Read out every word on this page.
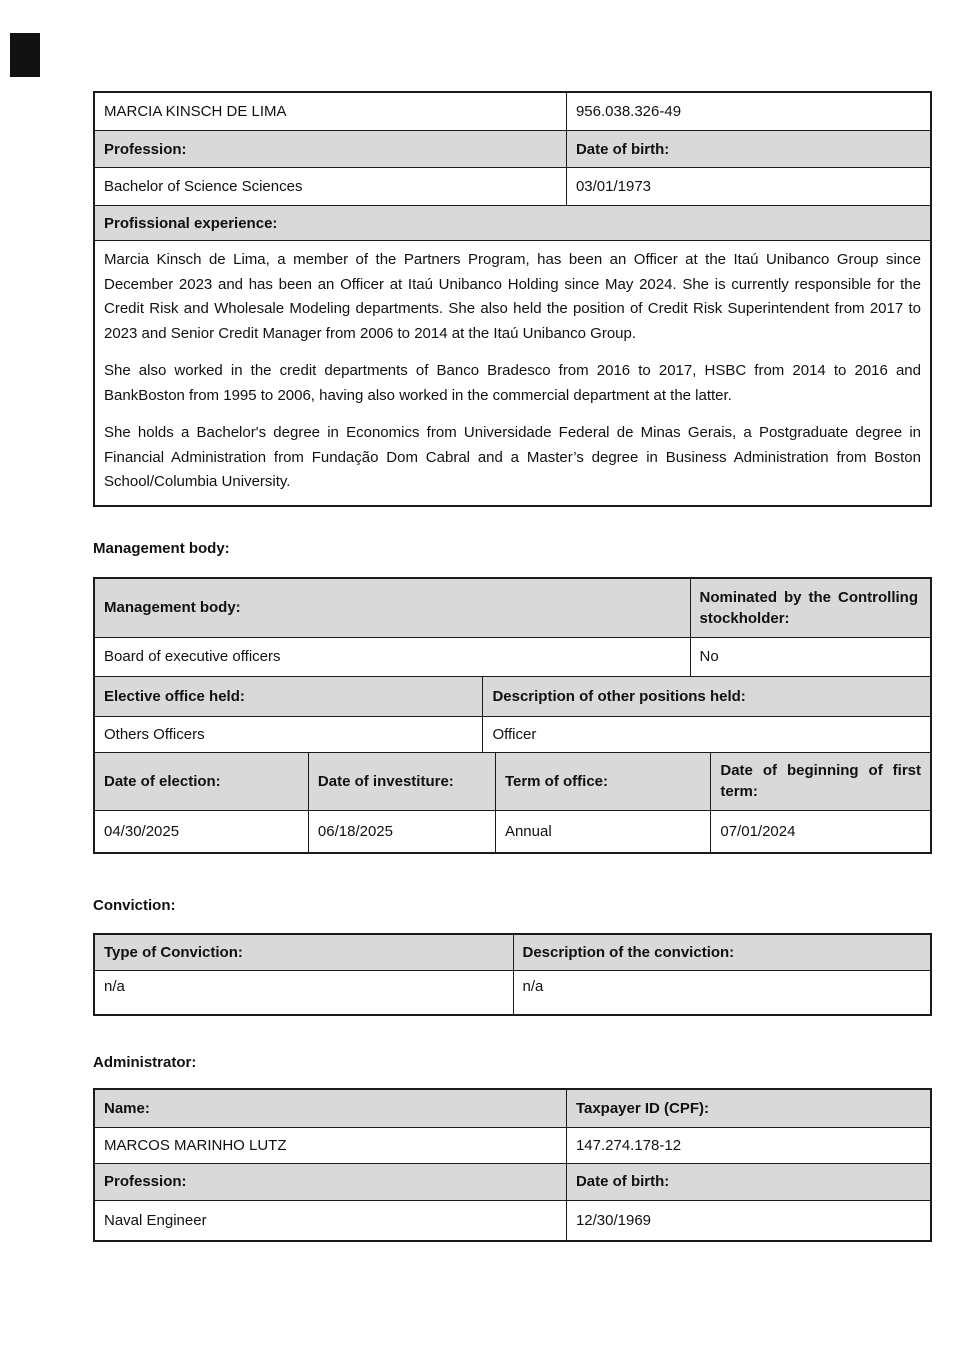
MARCIA KINSCH DE LIMA	956.038.326-49
Profession:	Date of birth:
Bachelor of Science Sciences	03/01/1973
Profissional experience:

Marcia Kinsch de Lima, a member of the Partners Program, has been an Officer at the Itaú Unibanco Group since December 2023 and has been an Officer at Itaú Unibanco Holding since May 2024. She is currently responsible for the Credit Risk and Wholesale Modeling departments. She also held the position of Credit Risk Superintendent from 2017 to 2023 and Senior Credit Manager from 2006 to 2014 at the Itaú Unibanco Group.

She also worked in the credit departments of Banco Bradesco from 2016 to 2017, HSBC from 2014 to 2016 and BankBoston from 1995 to 2006, having also worked in the commercial department at the latter.

She holds a Bachelor's degree in Economics from Universidade Federal de Minas Gerais, a Postgraduate degree in Financial Administration from Fundação Dom Cabral and a Master’s degree in Business Administration from Boston School/Columbia University.

Management body:
Management body:	Nominated by the Controlling stockholder:
Board of executive officers	No
Elective office held:	Description of other positions held:
Others Officers	Officer
Date of election:	Date of investiture:	Term of office:	Date of beginning of first term:
04/30/2025	06/18/2025	Annual	07/01/2024
Conviction:
Type of Conviction:	Description of the conviction:
n/a	n/a
Administrator:
Name:	Taxpayer ID (CPF):
MARCOS MARINHO LUTZ	147.274.178-12
Profession:	Date of birth:
Naval Engineer	12/30/1969
